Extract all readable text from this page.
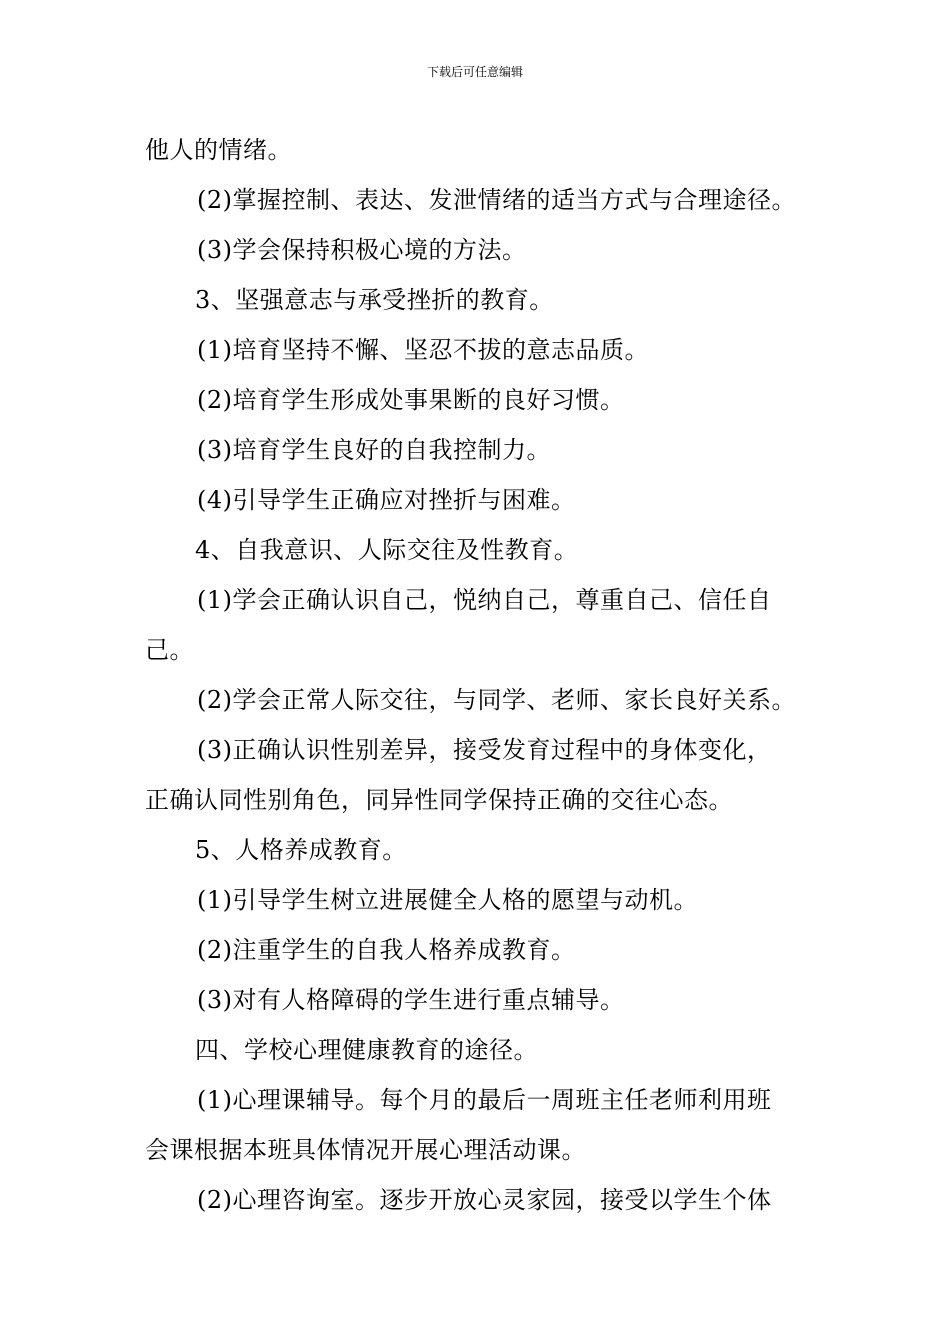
下载后可任意编辑
他人的情绪。
(2)掌握控制、表达、发泄情绪的适当方式与合理途径。
(3)学会保持积极心境的方法。
3、坚强意志与承受挫折的教育。
(1)培育坚持不懈、坚忍不拔的意志品质。
(2)培育学生形成处事果断的良好习惯。
(3)培育学生良好的自我控制力。
(4)引导学生正确应对挫折与困难。
4、自我意识、人际交往及性教育。
(1)学会正确认识自己，悦纳自己，尊重自己、信任自
己。
(2)学会正常人际交往，与同学、老师、家长良好关系。
(3)正确认识性别差异，接受发育过程中的身体变化，
正确认同性别角色，同异性同学保持正确的交往心态。
5、人格养成教育。
(1)引导学生树立进展健全人格的愿望与动机。
(2)注重学生的自我人格养成教育。
(3)对有人格障碍的学生进行重点辅导。
四、学校心理健康教育的途径。
(1)心理课辅导。每个月的最后一周班主任老师利用班
会课根据本班具体情况开展心理活动课。
(2)心理咨询室。逐步开放心灵家园，接受以学生个体
